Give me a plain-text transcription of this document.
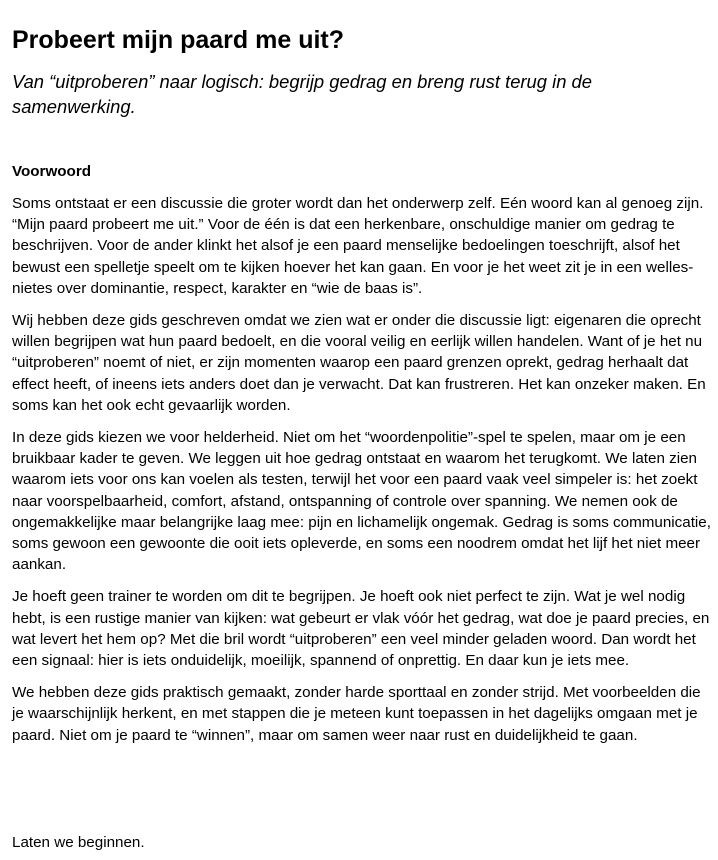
Probeert mijn paard me uit?

Van “uitproberen” naar logisch: begrijp gedrag en breng rust terug in de samenwerking.

Voorwoord

Soms ontstaat er een discussie die groter wordt dan het onderwerp zelf. Eén woord kan al genoeg zijn. “Mijn paard probeert me uit.” Voor de één is dat een herkenbare, onschuldige manier om gedrag te beschrijven. Voor de ander klinkt het alsof je een paard menselijke bedoelingen toeschrijft, alsof het bewust een spelletje speelt om te kijken hoever het kan gaan. En voor je het weet zit je in een welles-nietes over dominantie, respect, karakter en “wie de baas is”.

Wij hebben deze gids geschreven omdat we zien wat er onder die discussie ligt: eigenaren die oprecht willen begrijpen wat hun paard bedoelt, en die vooral veilig en eerlijk willen handelen. Want of je het nu “uitproberen” noemt of niet, er zijn momenten waarop een paard grenzen oprekt, gedrag herhaalt dat effect heeft, of ineens iets anders doet dan je verwacht. Dat kan frustreren. Het kan onzeker maken. En soms kan het ook echt gevaarlijk worden.

In deze gids kiezen we voor helderheid. Niet om het “woordenpolitie”-spel te spelen, maar om je een bruikbaar kader te geven. We leggen uit hoe gedrag ontstaat en waarom het terugkomt. We laten zien waarom iets voor ons kan voelen als testen, terwijl het voor een paard vaak veel simpeler is: het zoekt naar voorspelbaarheid, comfort, afstand, ontspanning of controle over spanning. We nemen ook de ongemakkelijke maar belangrijke laag mee: pijn en lichamelijk ongemak. Gedrag is soms communicatie, soms gewoon een gewoonte die ooit iets opleverde, en soms een noodrem omdat het lijf het niet meer aankan.

Je hoeft geen trainer te worden om dit te begrijpen. Je hoeft ook niet perfect te zijn. Wat je wel nodig hebt, is een rustige manier van kijken: wat gebeurt er vlak vóór het gedrag, wat doe je paard precies, en wat levert het hem op? Met die bril wordt “uitproberen” een veel minder geladen woord. Dan wordt het een signaal: hier is iets onduidelijk, moeilijk, spannend of onprettig. En daar kun je iets mee.

We hebben deze gids praktisch gemaakt, zonder harde sporttaal en zonder strijd. Met voorbeelden die je waarschijnlijk herkent, en met stappen die je meteen kunt toepassen in het dagelijks omgaan met je paard. Niet om je paard te “winnen”, maar om samen weer naar rust en duidelijkheid te gaan.

Laten we beginnen.
